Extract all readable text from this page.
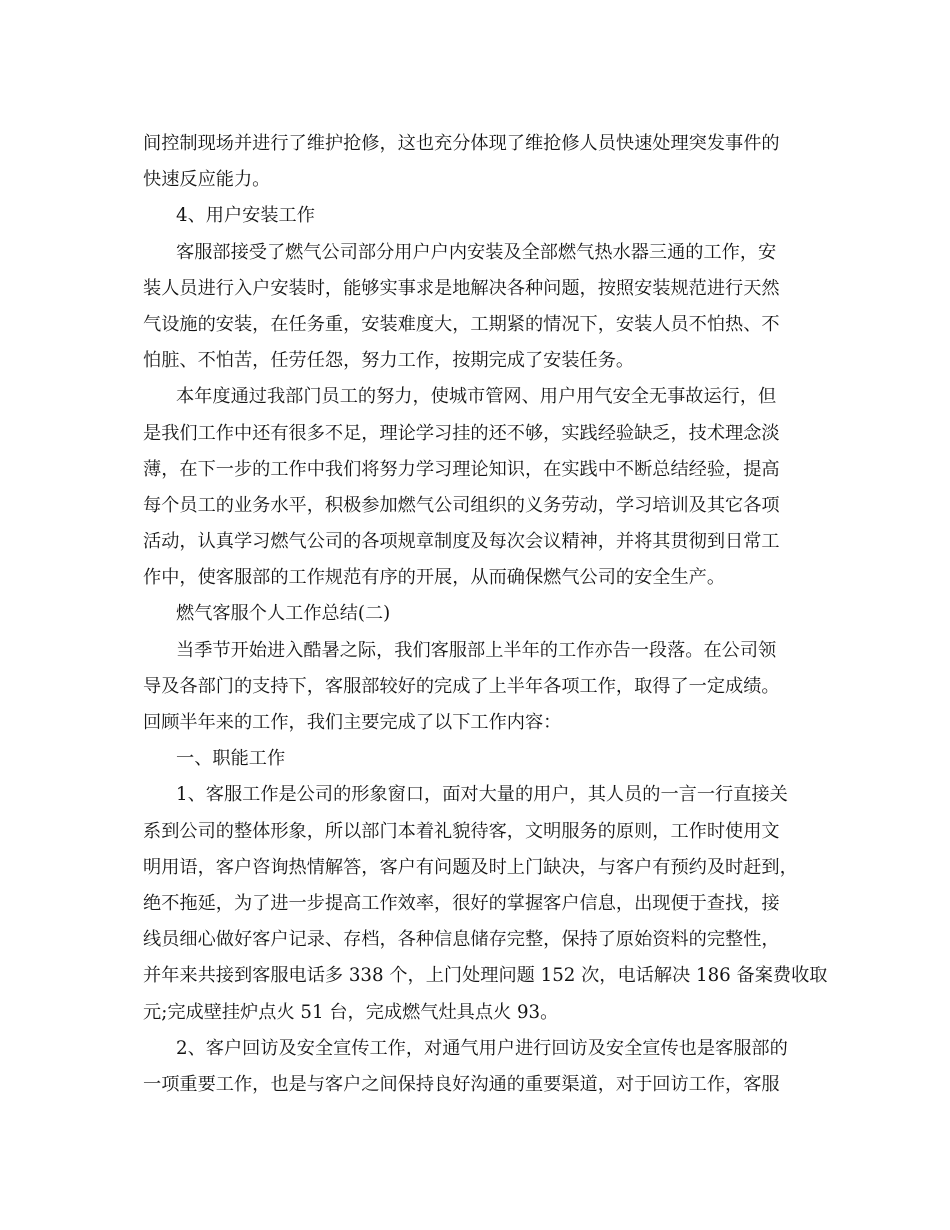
间控制现场并进行了维护抢修，这也充分体现了维抢修人员快速处理突发事件的
快速反应能力。
4、用户安装工作
客服部接受了燃气公司部分用户户内安装及全部燃气热水器三通的工作，安
装人员进行入户安装时，能够实事求是地解决各种问题，按照安装规范进行天然
气设施的安装，在任务重，安装难度大，工期紧的情况下，安装人员不怕热、不
怕脏、不怕苦，任劳任怨，努力工作，按期完成了安装任务。
本年度通过我部门员工的努力，使城市管网、用户用气安全无事故运行，但
是我们工作中还有很多不足，理论学习挂的还不够，实践经验缺乏，技术理念淡
薄，在下一步的工作中我们将努力学习理论知识，在实践中不断总结经验，提高
每个员工的业务水平，积极参加燃气公司组织的义务劳动，学习培训及其它各项
活动，认真学习燃气公司的各项规章制度及每次会议精神，并将其贯彻到日常工
作中，使客服部的工作规范有序的开展，从而确保燃气公司的安全生产。
燃气客服个人工作总结(二)
当季节开始进入酷暑之际，我们客服部上半年的工作亦告一段落。在公司领
导及各部门的支持下，客服部较好的完成了上半年各项工作，取得了一定成绩。
回顾半年来的工作，我们主要完成了以下工作内容：
一、职能工作
1、客服工作是公司的形象窗口，面对大量的用户，其人员的一言一行直接关
系到公司的整体形象，所以部门本着礼貌待客，文明服务的原则，工作时使用文
明用语，客户咨询热情解答，客户有问题及时上门缺决，与客户有预约及时赶到，
绝不拖延，为了进一步提高工作效率，很好的掌握客户信息，出现便于查找，接
线员细心做好客户记录、存档，各种信息储存完整，保持了原始资料的完整性，
并年来共接到客服电话多 338 个，上门处理问题 152 次，电话解决 186 备案费收取
元;完成壁挂炉点火 51 台，完成燃气灶具点火 93。
2、客户回访及安全宣传工作，对通气用户进行回访及安全宣传也是客服部的
一项重要工作，也是与客户之间保持良好沟通的重要渠道，对于回访工作，客服
